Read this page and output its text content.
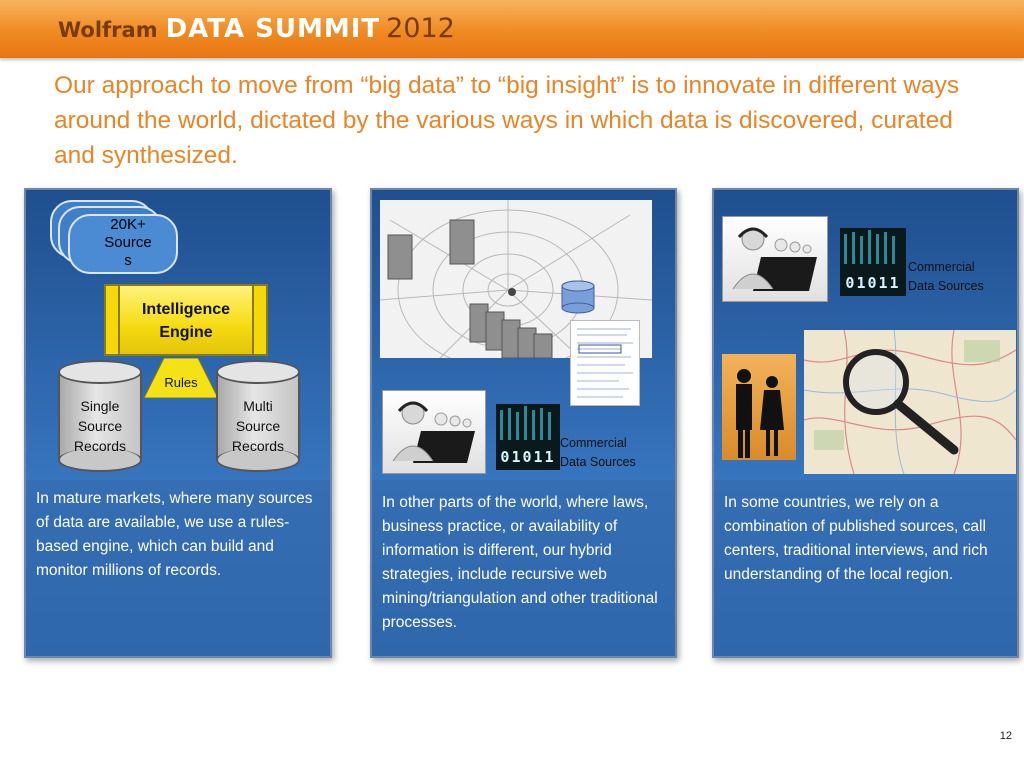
Wolfram DATA SUMMIT 2012
Our approach to move from “big data” to “big insight” is to innovate in different ways around the world, dictated by the various ways in which data is discovered, curated and synthesized.
20K+
Source
s
Intelligence
Engine
Rules
Single
Source
Records
Multi
Source
Records
In mature markets, where many sources of data are available, we use a rules-based engine, which can build and monitor millions of records.
01011
Commercial
Data Sources
In other parts of the world, where laws, business practice, or availability of information is different, our hybrid strategies, include recursive web mining/triangulation and other traditional processes.
01011
Commercial
Data Sources
In some countries, we rely on a combination of published sources, call centers, traditional interviews, and rich understanding of the local region.
12
